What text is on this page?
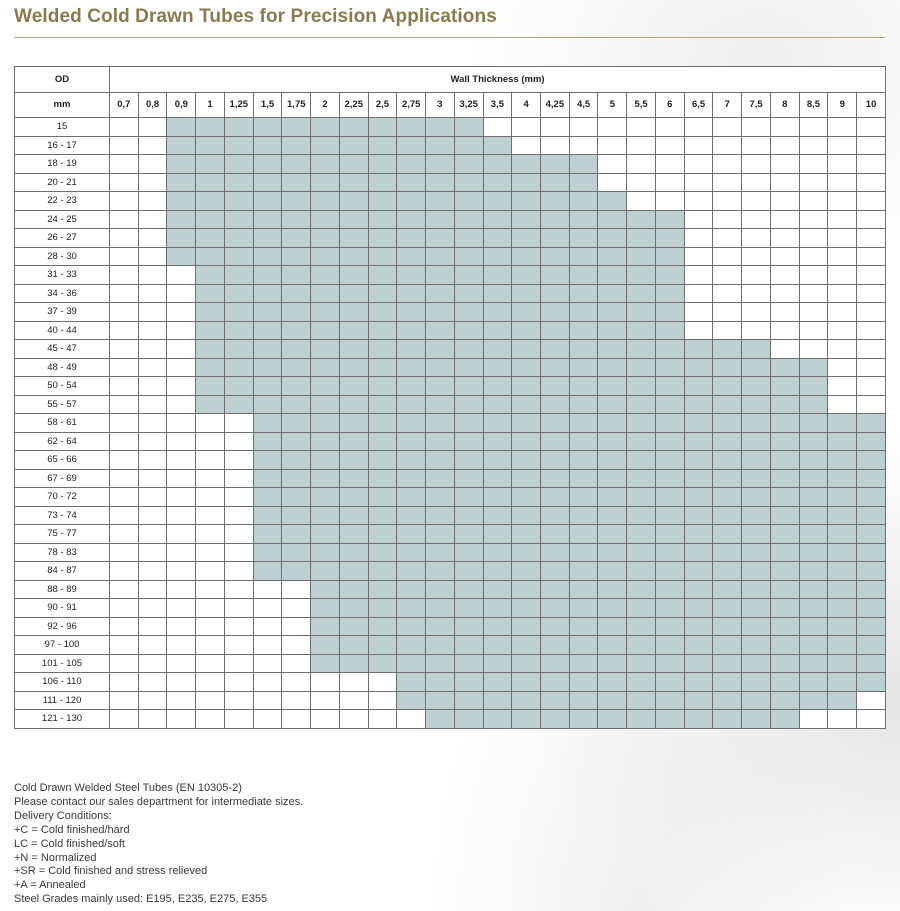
Welded Cold Drawn Tubes for Precision Applications
OD	Wall Thickness (mm)																										
mm	0,7	0,8	0,9	1	1,25	1,5	1,75	2	2,25	2,5	2,75	3	3,25	3,5	4	4,25	4,5	5	5,5	6	6,5	7	7,5	8	8,5	9	10
15																											
16 - 17																											
18 - 19																											
20 - 21																											
22 - 23																											
24 - 25																											
26 - 27																											
28 - 30																											
31 - 33																											
34 - 36																											
37 - 39																											
40 - 44																											
45 - 47																											
48 - 49																											
50 - 54																											
55 - 57																											
58 - 61																											
62 - 64																											
65 - 66																											
67 - 69																											
70 - 72																											
73 - 74																											
75 - 77																											
78 - 83																											
84 - 87																											
88 - 89																											
90 - 91																											
92 - 96																											
97 - 100																											
101 - 105																											
106 - 110																											
111 - 120																											
121 - 130																											
Cold Drawn Welded Steel Tubes (EN 10305-2)
Please contact our sales department for intermediate sizes.
Delivery Conditions:
+C = Cold finished/hard
LC = Cold finished/soft
+N = Normalized
+SR = Cold finished and stress relieved
+A = Annealed
Steel Grades mainly used: E195, E235, E275, E355
